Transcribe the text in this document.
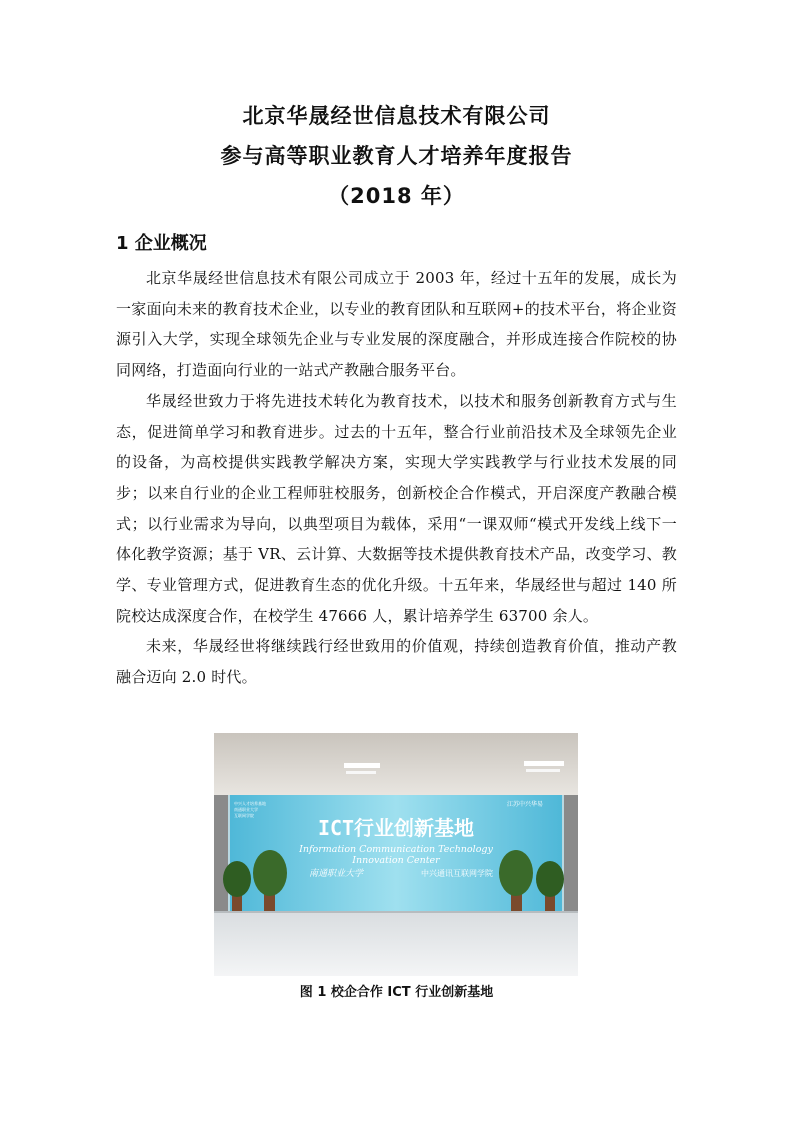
北京华晟经世信息技术有限公司

参与高等职业教育人才培养年度报告

（2018 年）

1 企业概况

北京华晟经世信息技术有限公司成立于 2003 年，经过十五年的发展，成长为一家面向未来的教育技术企业，以专业的教育团队和互联网+的技术平台，将企业资源引入大学，实现全球领先企业与专业发展的深度融合，并形成连接合作院校的协同网络，打造面向行业的一站式产教融合服务平台。

华晟经世致力于将先进技术转化为教育技术，以技术和服务创新教育方式与生态，促进简单学习和教育进步。过去的十五年，整合行业前沿技术及全球领先企业的设备，为高校提供实践教学解决方案，实现大学实践教学与行业技术发展的同步；以来自行业的企业工程师驻校服务，创新校企合作模式，开启深度产教融合模式；以行业需求为导向，以典型项目为载体，采用“一课双师“模式开发线上线下一体化教学资源；基于 VR、云计算、大数据等技术提供教育技术产品，改变学习、教学、专业管理方式，促进教育生态的优化升级。十五年来，华晟经世与超过 140 所院校达成深度合作，在校学生 47666 人，累计培养学生 63700 余人。

未来，华晟经世将继续践行经世致用的价值观，持续创造教育价值，推动产教融合迈向 2.0 时代。

ICT行业创新基地
Information Communication Technology
Innovation Center
南通职业大学	中兴通讯互联网学院
江苏中兴华易
中兴人才培养基地
南通职业大学
互联网学院
图 1 校企合作 ICT 行业创新基地
